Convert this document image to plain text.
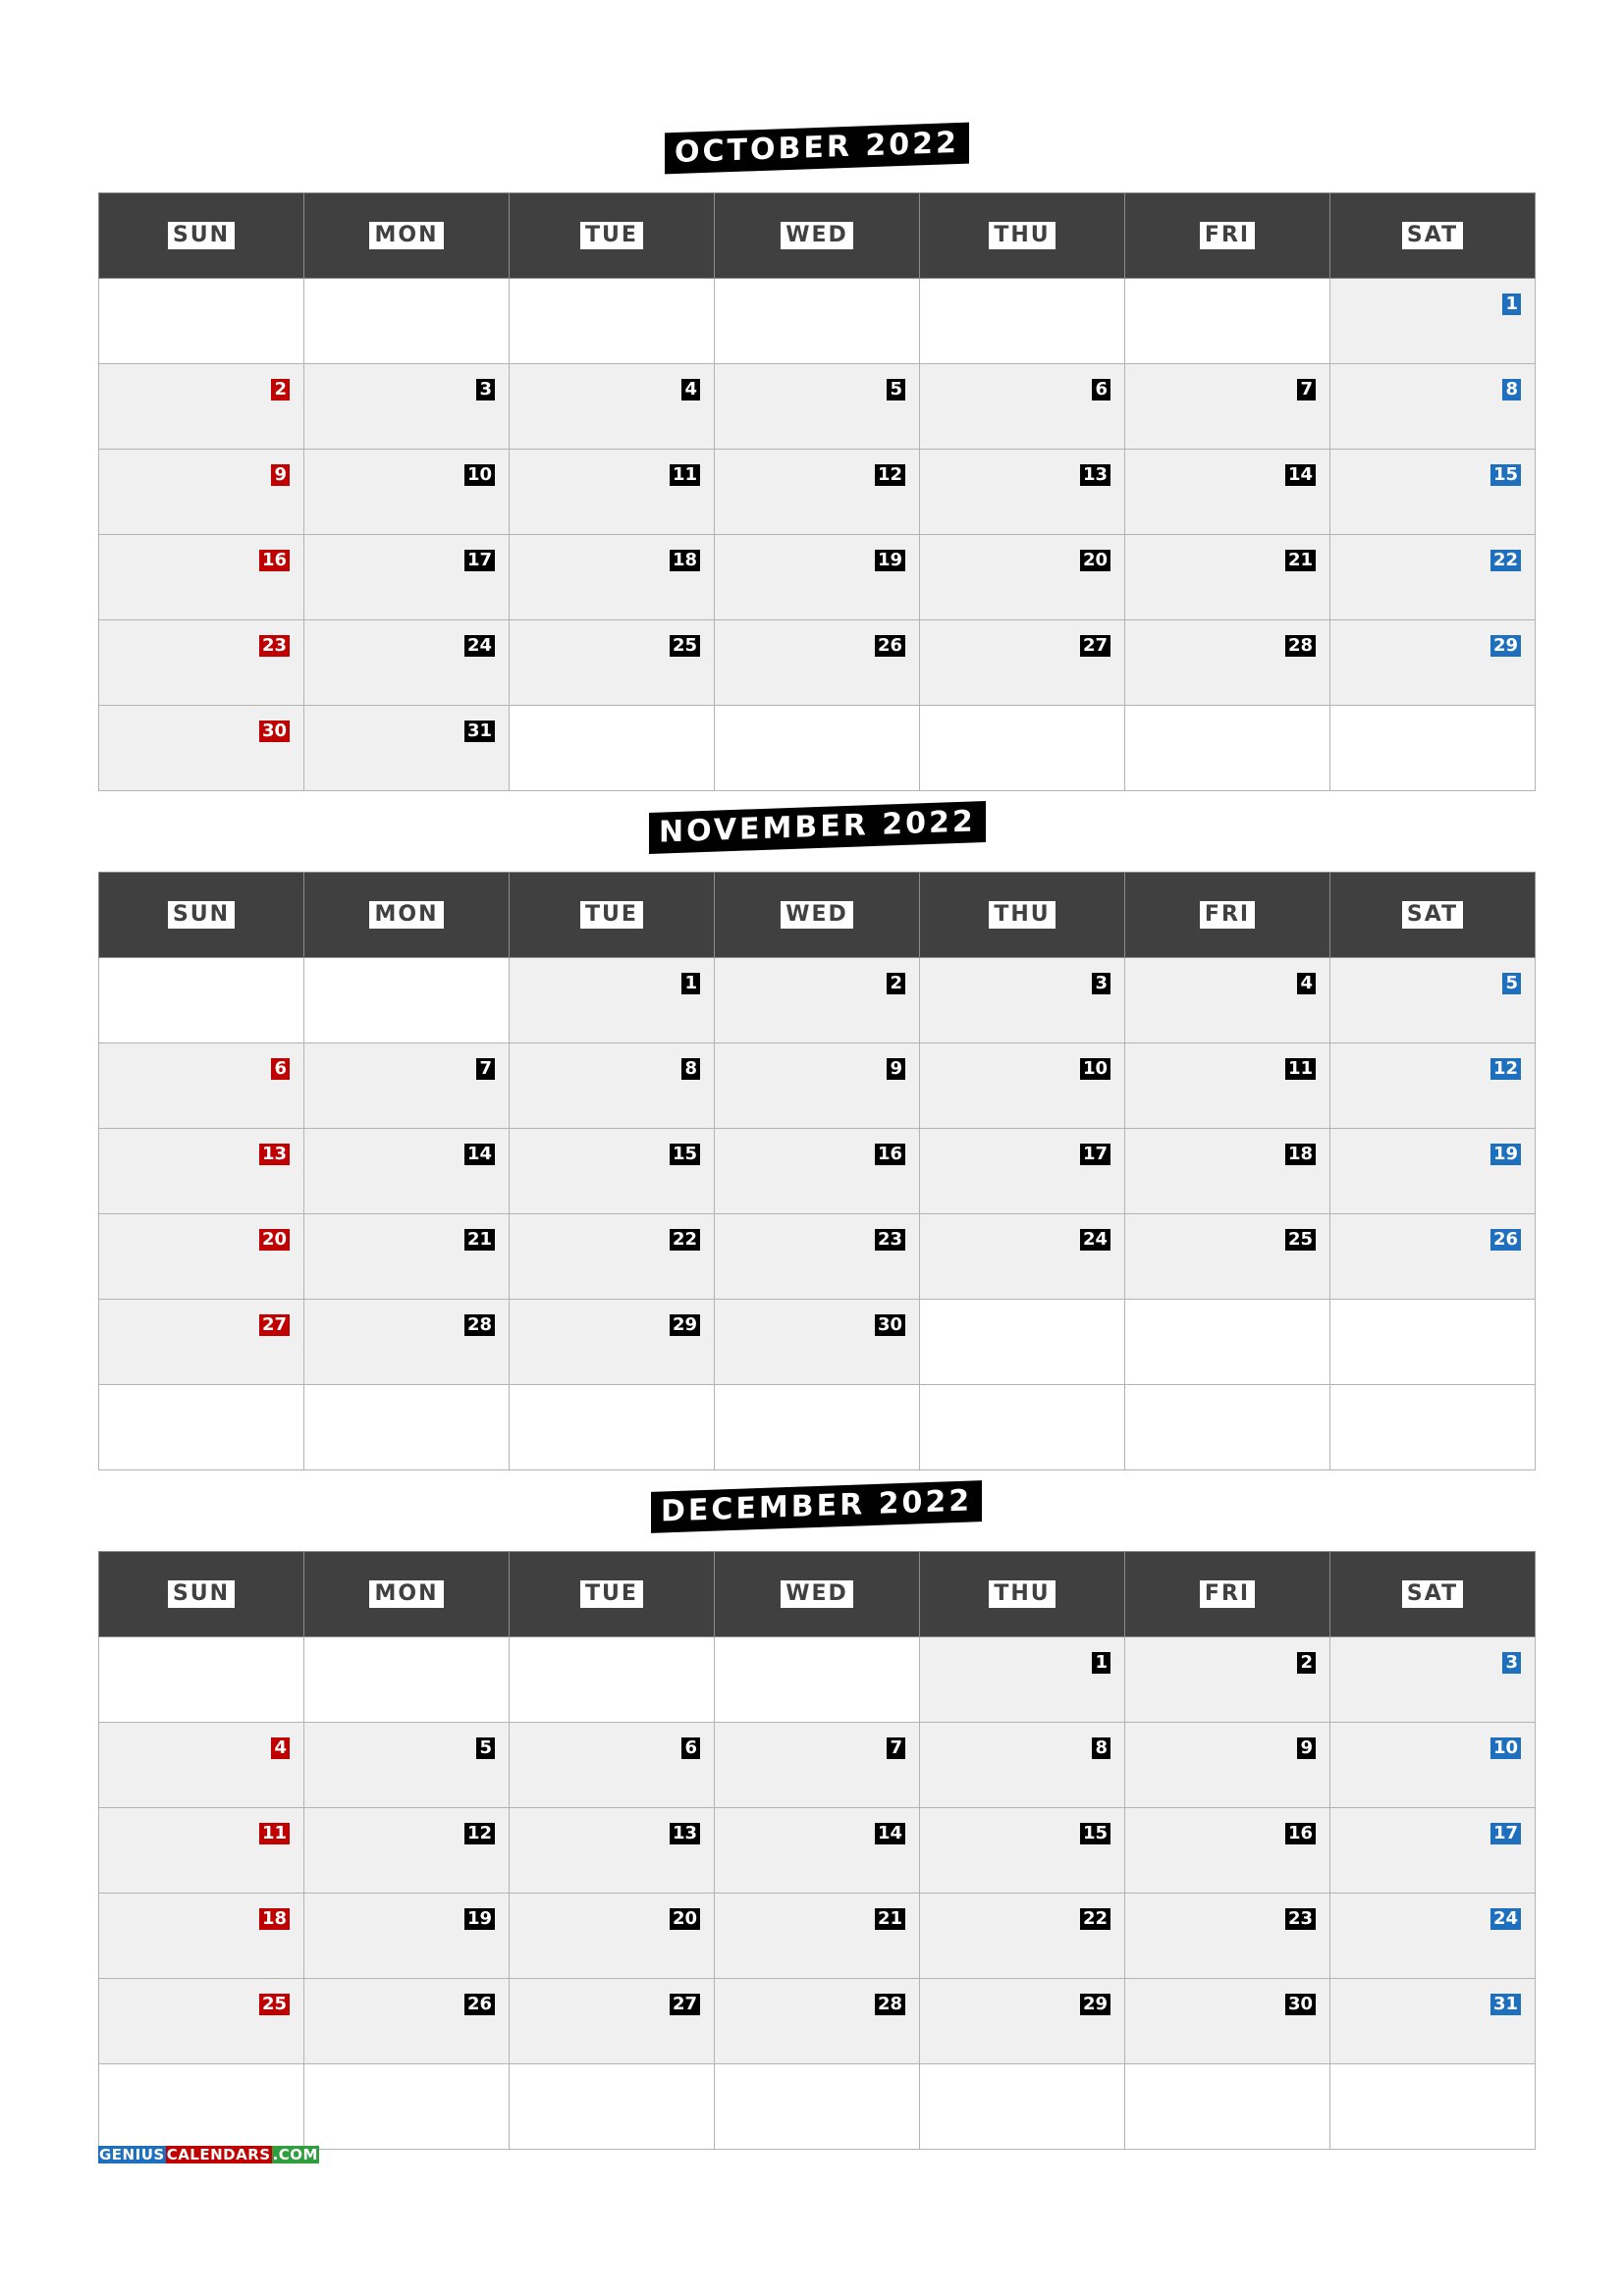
OCTOBER 2022
SUN	MON	TUE	WED	THU	FRI	SAT
						1
2	3	4	5	6	7	8
9	10	11	12	13	14	15
16	17	18	19	20	21	22
23	24	25	26	27	28	29
30	31					
NOVEMBER 2022
SUN	MON	TUE	WED	THU	FRI	SAT
		1	2	3	4	5
6	7	8	9	10	11	12
13	14	15	16	17	18	19
20	21	22	23	24	25	26
27	28	29	30			

DECEMBER 2022
SUN	MON	TUE	WED	THU	FRI	SAT
				1	2	3
4	5	6	7	8	9	10
11	12	13	14	15	16	17
18	19	20	21	22	23	24
25	26	27	28	29	30	31

GENIUS CALENDARS .COM
